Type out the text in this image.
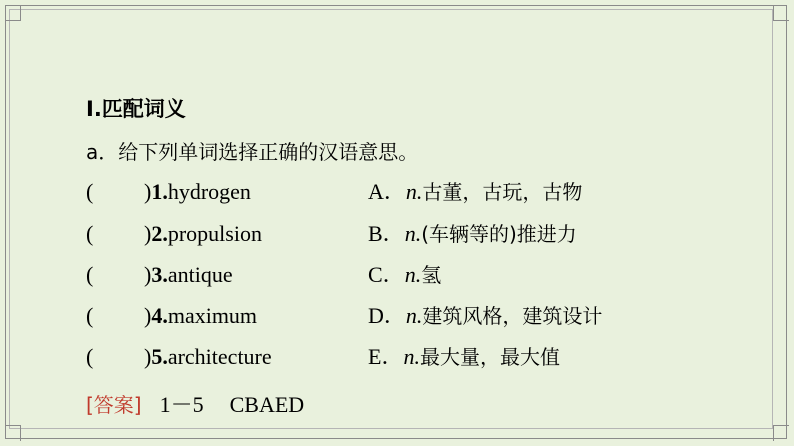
Ⅰ.匹配词义
a．给下列单词选择正确的汉语意思。
( )1.hydrogen	A．n.古董，古玩，古物
( )2.propulsion	B．n.(车辆等的)推进力
( )3.antique	C．n.氢
( )4.maximum	D．n.建筑风格，建筑设计
( )5.architecture	E．n.最大量，最大值
[答案] 1－5 CBAED
